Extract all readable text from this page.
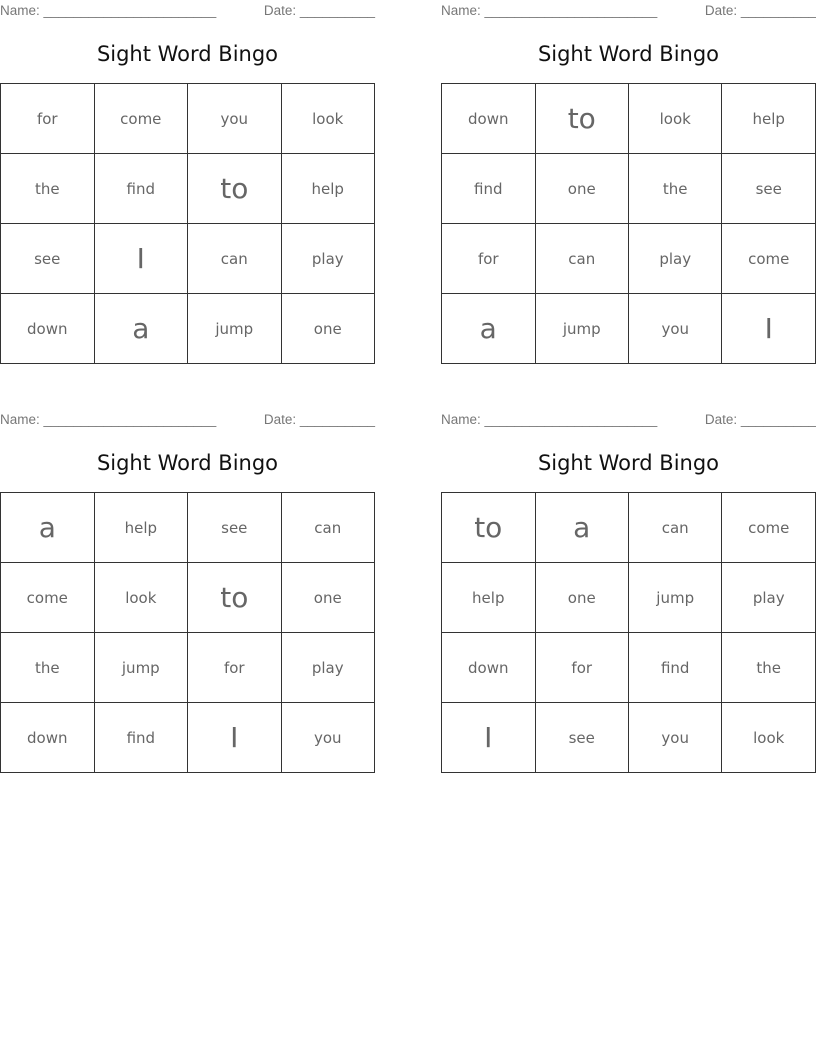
Name: _______________________	Date: __________
Sight Word Bingo
for	come	you	look
the	find	to	help
see	I	can	play
down	a	jump	one
Name: _______________________	Date: __________
Sight Word Bingo
down	to	look	help
find	one	the	see
for	can	play	come
a	jump	you	I
Name: _______________________	Date: __________
Sight Word Bingo
a	help	see	can
come	look	to	one
the	jump	for	play
down	find	I	you
Name: _______________________	Date: __________
Sight Word Bingo
to	a	can	come
help	one	jump	play
down	for	find	the
I	see	you	look
